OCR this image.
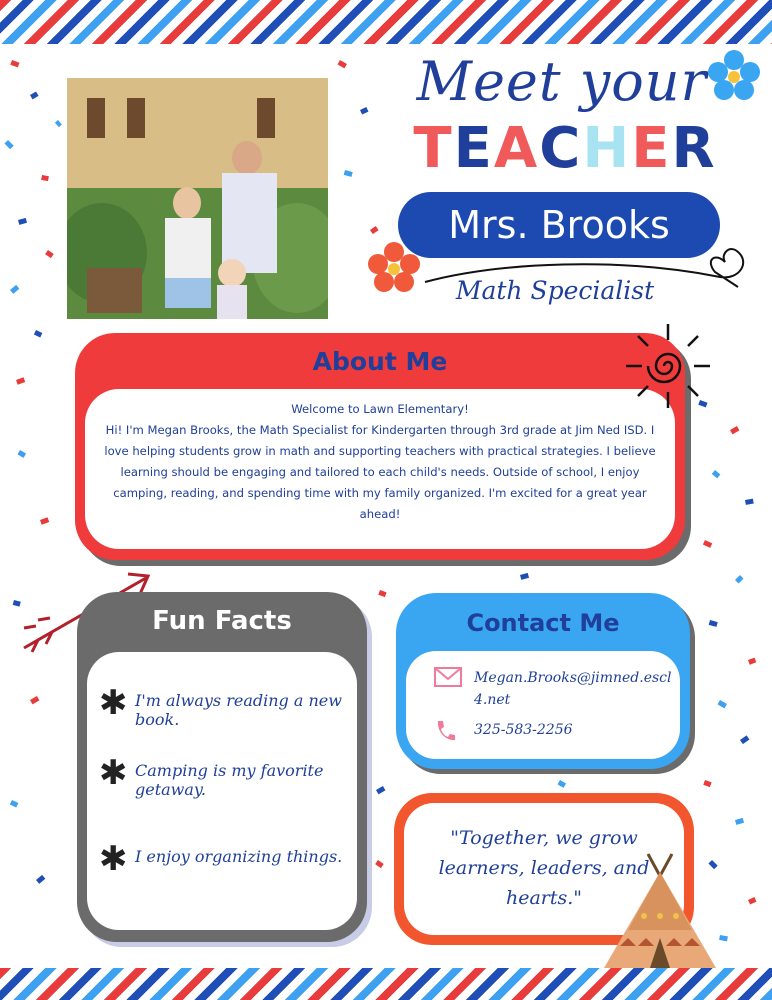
Meet your
TEACHER
Mrs. Brooks
Math Specialist
About Me
Welcome to Lawn Elementary!
Hi! I'm Megan Brooks, the Math Specialist for Kindergarten through 3rd grade at Jim Ned ISD. I love helping students grow in math and supporting teachers with practical strategies. I believe learning should be engaging and tailored to each child's needs. Outside of school, I enjoy camping, reading, and spending time with my family organized. I'm excited for a great year ahead!
Fun Facts
✱ I'm always reading a new book.
✱ Camping is my favorite getaway.
✱ I enjoy organizing things.
Contact Me
Megan.Brooks@jimned.escl4.net
325-583-2256
"Together, we grow learners, leaders, and hearts."
